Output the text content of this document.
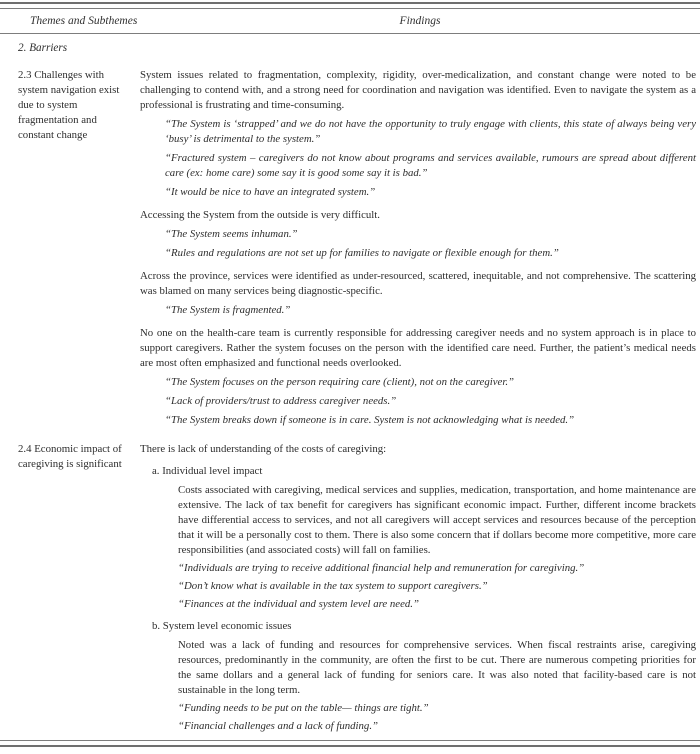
Themes and Subthemes	Findings
2. Barriers
2.3 Challenges with system navigation exist due to system fragmentation and constant change
System issues related to fragmentation, complexity, rigidity, over-medicalization, and constant change were noted to be challenging to contend with, and a strong need for coordination and navigation was identified. Even to navigate the system as a professional is frustrating and time-consuming.
“The System is ‘strapped’ and we do not have the opportunity to truly engage with clients, this state of always being very ‘busy’ is detrimental to the system.”
“Fractured system – caregivers do not know about programs and services available, rumours are spread about different care (ex: home care) some say it is good some say it is bad.”
“It would be nice to have an integrated system.”
Accessing the System from the outside is very difficult.
“The System seems inhuman.”
“Rules and regulations are not set up for families to navigate or flexible enough for them.”
Across the province, services were identified as under-resourced, scattered, inequitable, and not comprehensive. The scattering was blamed on many services being diagnostic-specific.
“The System is fragmented.”
No one on the health-care team is currently responsible for addressing caregiver needs and no system approach is in place to support caregivers. Rather the system focuses on the person with the identified care need. Further, the patient’s medical needs are most often emphasized and functional needs overlooked.
“The System focuses on the person requiring care (client), not on the caregiver.”
“Lack of providers/trust to address caregiver needs.”
“The System breaks down if someone is in care. System is not acknowledging what is needed.”
2.4 Economic impact of caregiving is significant
There is lack of understanding of the costs of caregiving:
a. Individual level impact
Costs associated with caregiving, medical services and supplies, medication, transportation, and home maintenance are extensive. The lack of tax benefit for caregivers has significant economic impact. Further, different income brackets have differential access to services, and not all caregivers will accept services and resources because of the perception that it will be a personally cost to them. There is also some concern that if dollars become more competitive, more care responsibilities (and associated costs) will fall on families.
“Individuals are trying to receive additional financial help and remuneration for caregiving.”
“Don’t know what is available in the tax system to support caregivers.”
“Finances at the individual and system level are need.”
b. System level economic issues
Noted was a lack of funding and resources for comprehensive services. When fiscal restraints arise, caregiving resources, predominantly in the community, are often the first to be cut. There are numerous competing priorities for the same dollars and a general lack of funding for seniors care. It was also noted that facility-based care is not sustainable in the long term.
“Funding needs to be put on the table— things are tight.”
“Financial challenges and a lack of funding.”
